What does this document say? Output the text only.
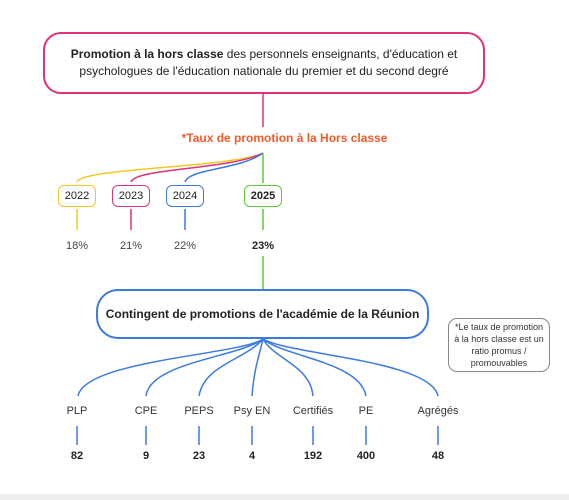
Promotion à la hors classe des personnels enseignants, d'éducation et psychologues de l'éducation nationale du premier et du second degré
*Taux de promotion à la Hors classe
2022	2023	2024	2025
18%	21%	22%	23%
Contingent de promotions de l'académie de la Réunion
*Le taux de promotion à la hors classe est un ratio promus / promouvables
PLP	CPE	PEPS	Psy EN	Certifiés	PE	Agrégés
82	9	23	4	192	400	48
